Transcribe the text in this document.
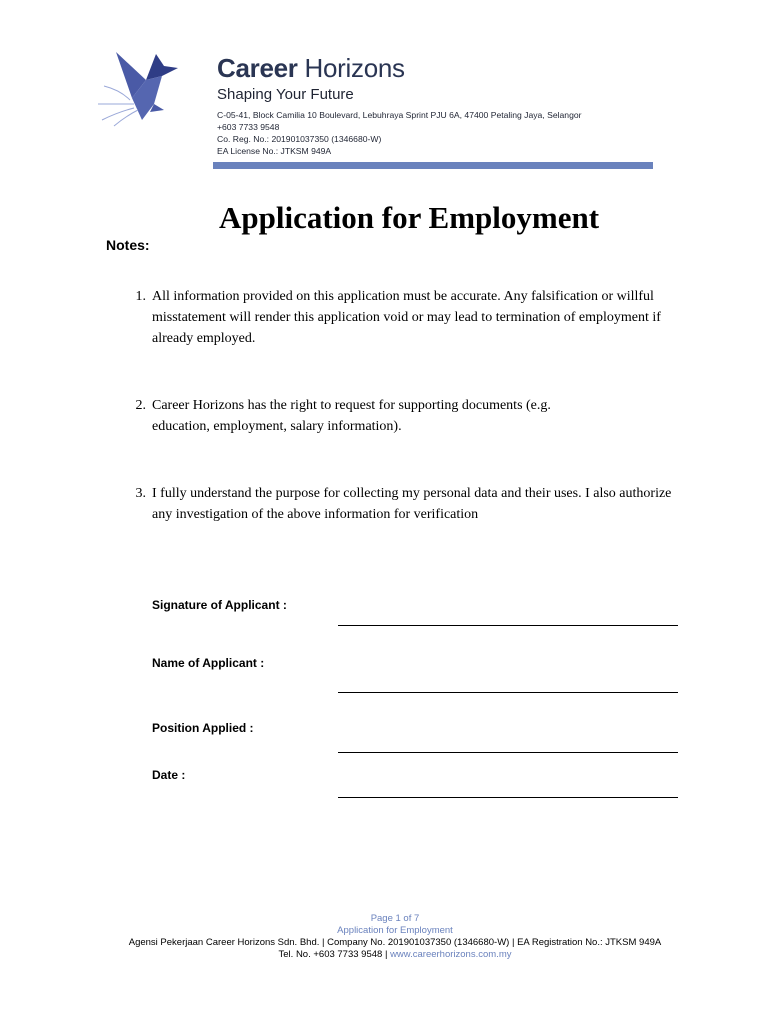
Career Horizons
Shaping Your Future
C-05-41, Block Camilia 10 Boulevard, Lebuhraya Sprint PJU 6A, 47400 Petaling Jaya, Selangor
+603 7733 9548
Co. Reg. No.: 201901037350 (1346680-W)
EA License No.: JTKSM 949A
Application for Employment
Notes:
1. All information provided on this application must be accurate. Any falsification or willful misstatement will render this application void or may lead to termination of employment if already employed.
2. Career Horizons has the right to request for supporting documents (e.g. education, employment, salary information).
3. I fully understand the purpose for collecting my personal data and their uses. I also authorize any investigation of the above information for verification
Signature of Applicant :
Name of Applicant :
Position Applied :
Date :
Page 1 of 7
Application for Employment
Agensi Pekerjaan Career Horizons Sdn. Bhd. | Company No. 201901037350 (1346680-W) | EA Registration No.: JTKSM 949A
Tel. No. +603 7733 9548 | www.careerhorizons.com.my
